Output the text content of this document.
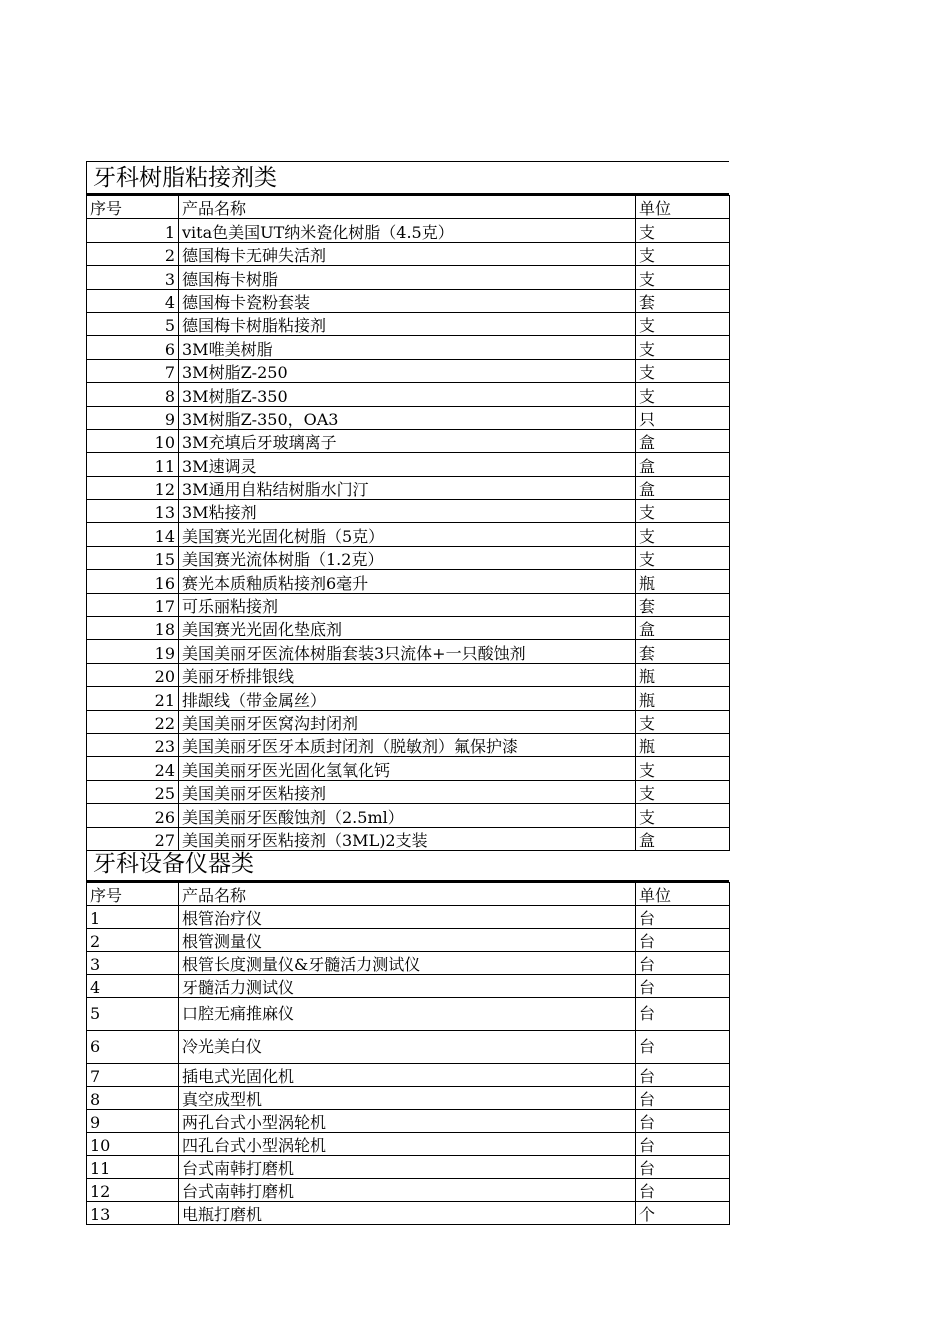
牙科树脂粘接剂类
序号	产品名称	单位
1	vita色美国UT纳米瓷化树脂（4.5克）	支
2	德国梅卡无砷失活剂	支
3	德国梅卡树脂	支
4	德国梅卡瓷粉套装	套
5	德国梅卡树脂粘接剂	支
6	3M唯美树脂	支
7	3M树脂Z-250	支
8	3M树脂Z-350	支
9	3M树脂Z-350，OA3	只
10	3M充填后牙玻璃离子	盒
11	3M速调灵	盒
12	3M通用自粘结树脂水门汀	盒
13	3M粘接剂	支
14	美国赛光光固化树脂（5克）	支
15	美国赛光流体树脂（1.2克）	支
16	赛光本质釉质粘接剂6毫升	瓶
17	可乐丽粘接剂	套
18	美国赛光光固化垫底剂	盒
19	美国美丽牙医流体树脂套装3只流体+一只酸蚀剂	套
20	美丽牙桥排银线	瓶
21	排龈线（带金属丝）	瓶
22	美国美丽牙医窝沟封闭剂	支
23	美国美丽牙医牙本质封闭剂（脱敏剂）氟保护漆	瓶
24	美国美丽牙医光固化氢氧化钙	支
25	美国美丽牙医粘接剂	支
26	美国美丽牙医酸蚀剂（2.5ml）	支
27	美国美丽牙医粘接剂（3ML)2支装	盒
牙科设备仪器类
序号	产品名称	单位
1	根管治疗仪	台
2	根管测量仪	台
3	根管长度测量仪&牙髓活力测试仪	台
4	牙髓活力测试仪	台
5	口腔无痛推麻仪	台
6	冷光美白仪	台
7	插电式光固化机	台
8	真空成型机	台
9	两孔台式小型涡轮机	台
10	四孔台式小型涡轮机	台
11	台式南韩打磨机	台
12	台式南韩打磨机	台
13	电瓶打磨机	个
